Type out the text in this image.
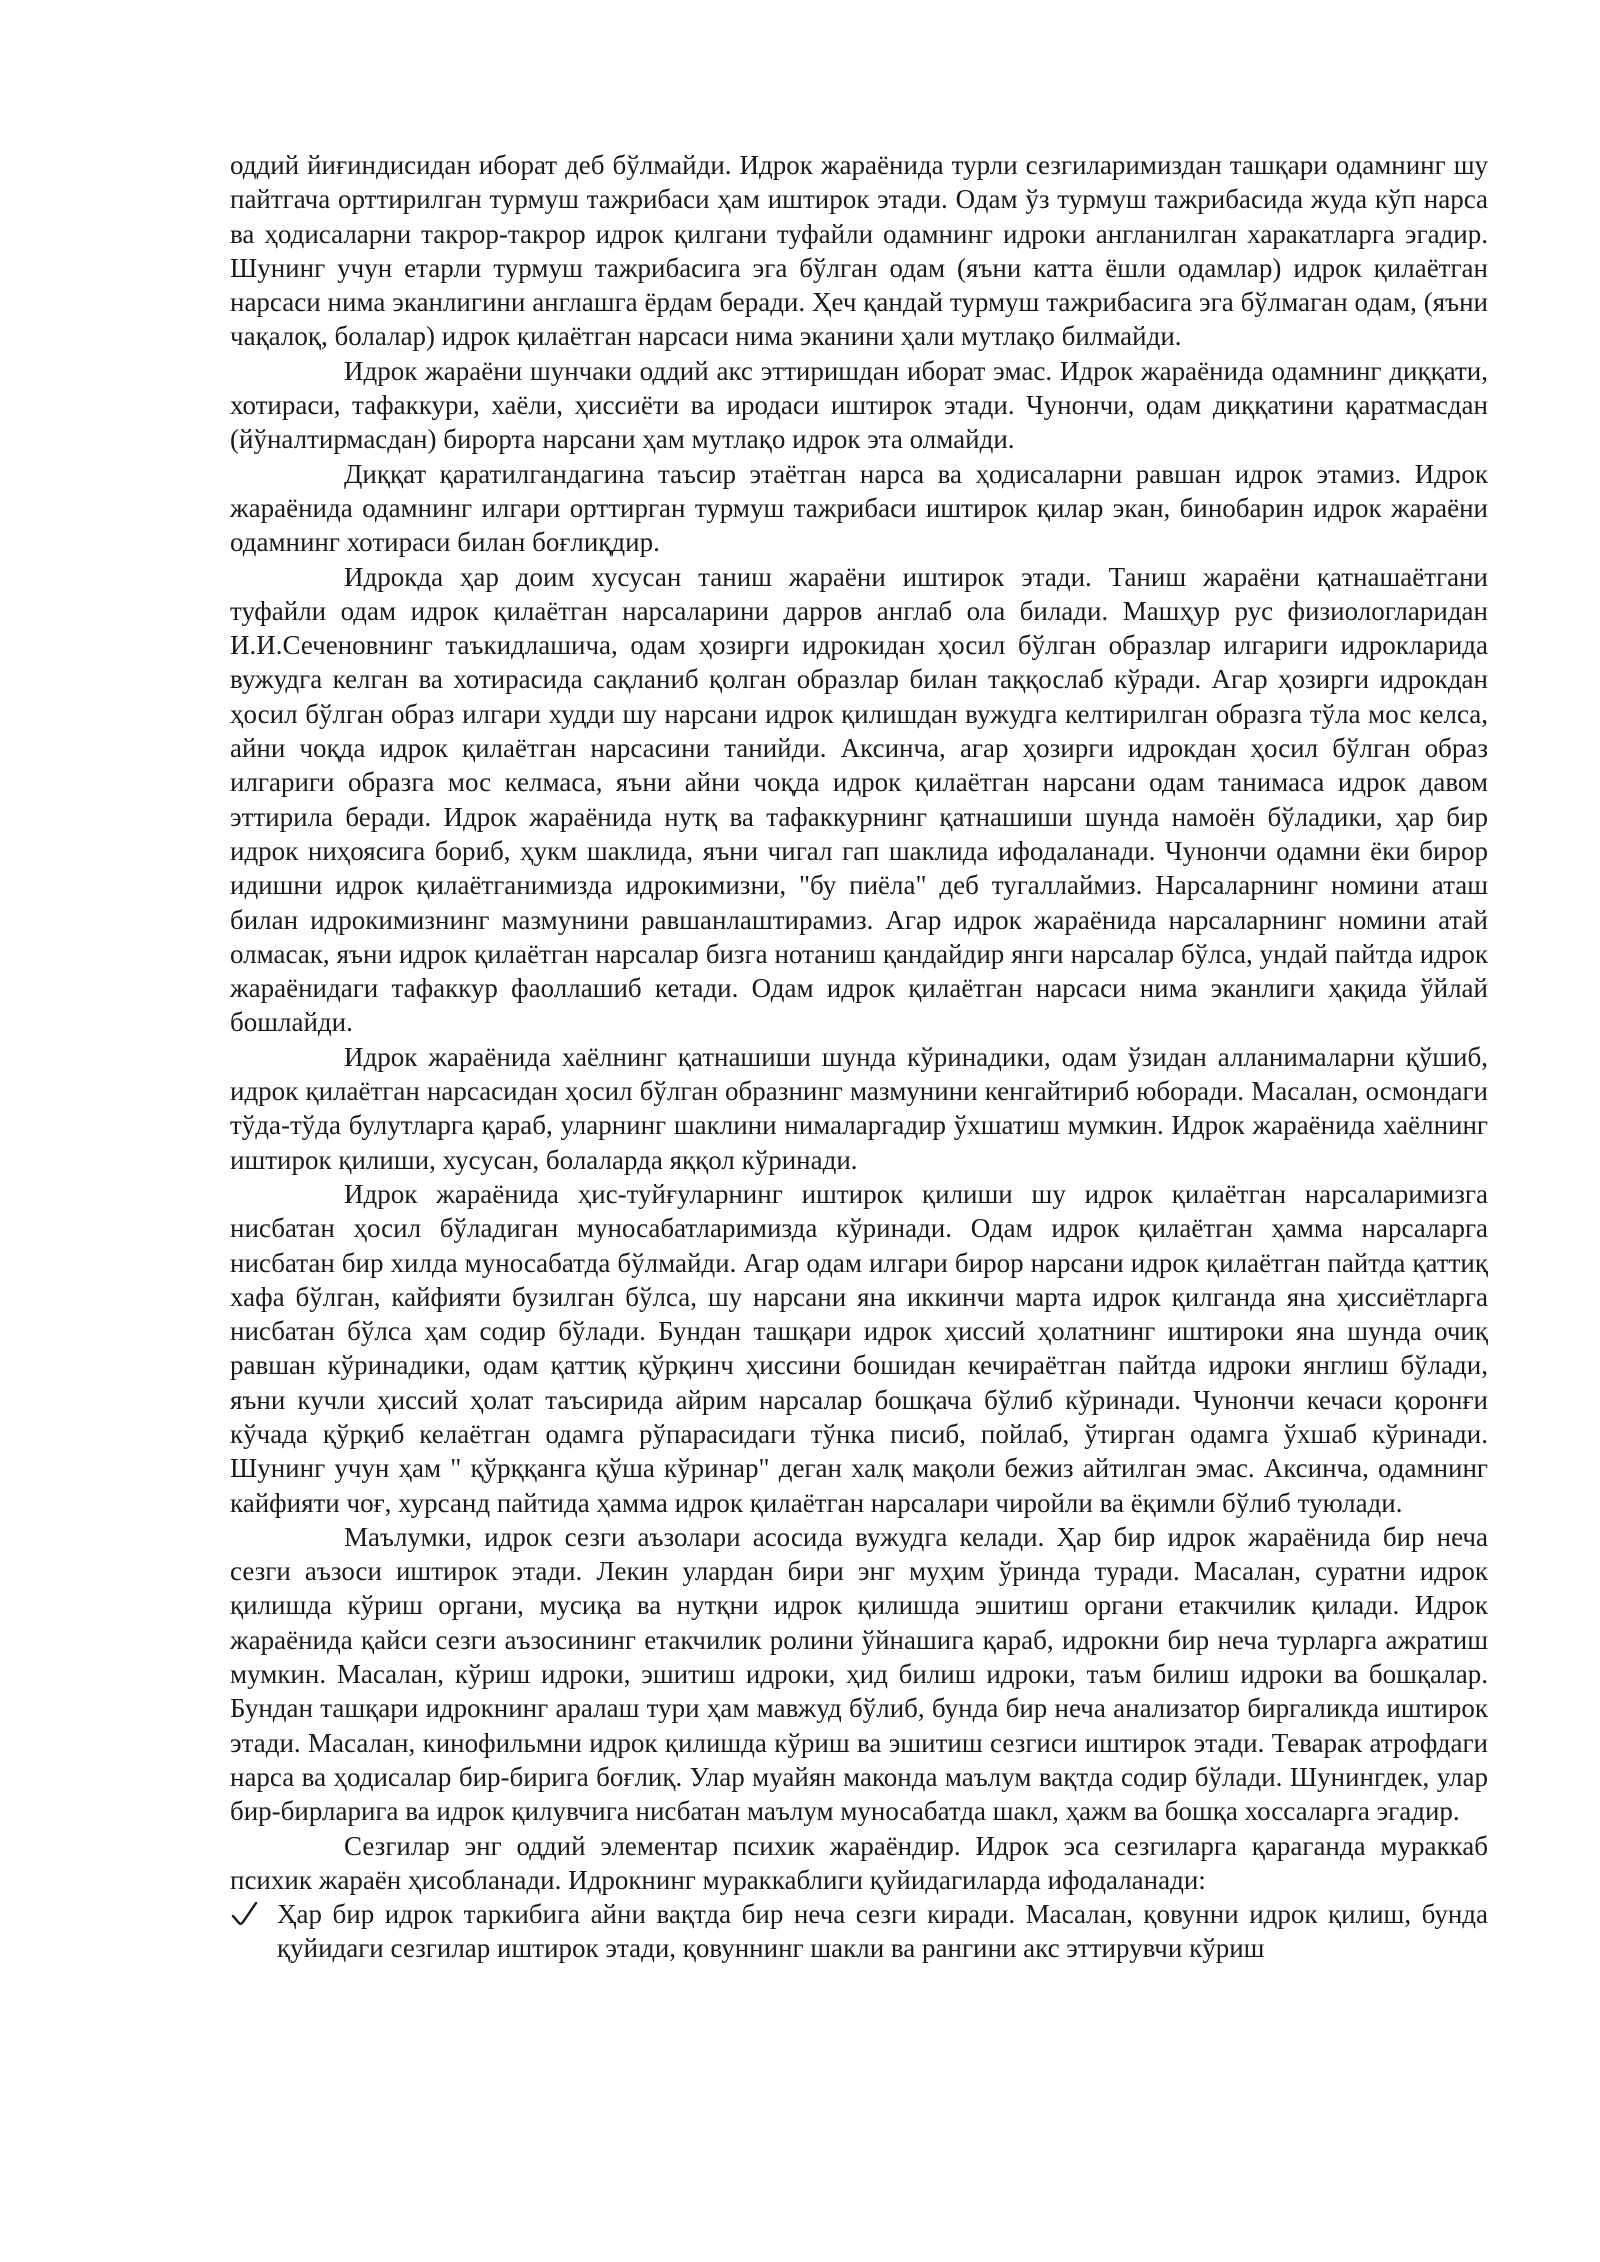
оддий йиғиндисидан иборат деб бўлмайди. Идрок жараёнида турли сезгиларимиздан ташқари одамнинг шу пайтгача орттирилган турмуш тажрибаси ҳам иштирок этади. Одам ўз турмуш тажрибасида жуда кўп нарса ва ҳодисаларни такрор-такрор идрок қилгани туфайли одамнинг идроки англанилган харакатларга эгадир. Шунинг учун етарли турмуш тажрибасига эга бўлган одам (яъни катта ёшли одамлар) идрок қилаётган нарсаси нима эканлигини англашга ёрдам беради. Ҳеч қандай турмуш тажрибасига эга бўлмаган одам, (яъни чақалоқ, болалар) идрок қилаётган нарсаси нима эканини ҳали мутлақо билмайди.

Идрок жараёни шунчаки оддий акс эттиришдан иборат эмас. Идрок жараёнида одамнинг диққати, хотираси, тафаккури, хаёли, ҳиссиёти ва иродаси иштирок этади. Чунончи, одам диққатини қаратмасдан (йўналтирмасдан) бирорта нарсани ҳам мутлақо идрок эта олмайди.

Диққат қаратилгандагина таъсир этаётган нарса ва ҳодисаларни равшан идрок этамиз. Идрок жараёнида одамнинг илгари орттирган турмуш тажрибаси иштирок қилар экан, бинобарин идрок жараёни одамнинг хотираси билан боғлиқдир.

Идрокда ҳар доим хусусан таниш жараёни иштирок этади. Таниш жараёни қатнашаётгани туфайли одам идрок қилаётган нарсаларини дарров англаб ола билади. Машҳур рус физиологларидан И.И.Сеченовнинг таъкидлашича, одам ҳозирги идрокидан ҳосил бўлган образлар илгариги идрокларида вужудга келган ва хотирасида сақланиб қолган образлар билан таққослаб кўради. Агар ҳозирги идрокдан ҳосил бўлган образ илгари худди шу нарсани идрок қилишдан вужудга келтирилган образга тўла мос келса, айни чоқда идрок қилаётган нарсасини танийди. Аксинча, агар ҳозирги идрокдан ҳосил бўлган образ илгариги образга мос келмаса, яъни айни чоқда идрок қилаётган нарсани одам танимаса идрок давом эттирила беради. Идрок жараёнида нутқ ва тафаккурнинг қатнашиши шунда намоён бўладики, ҳар бир идрок ниҳоясига бориб, ҳукм шаклида, яъни чигал гап шаклида ифодаланади. Чунончи одамни ёки бирор идишни идрок қилаётганимизда идрокимизни, "бу пиёла" деб тугаллаймиз. Нарсаларнинг номини аташ билан идрокимизнинг мазмунини равшанлаштирамиз. Агар идрок жараёнида нарсаларнинг номини атай олмасак, яъни идрок қилаётган нарсалар бизга нотаниш қандайдир янги нарсалар бўлса, ундай пайтда идрок жараёнидаги тафаккур фаоллашиб кетади. Одам идрок қилаётган нарсаси нима эканлиги ҳақида ўйлай бошлайди.

Идрок жараёнида хаёлнинг қатнашиши шунда кўринадики, одам ўзидан алланималарни қўшиб, идрок қилаётган нарсасидан ҳосил бўлган образнинг мазмунини кенгайтириб юборади. Масалан, осмондаги тўда-тўда булутларга қараб, уларнинг шаклини нималаргадир ўхшатиш мумкин. Идрок жараёнида хаёлнинг иштирок қилиши, хусусан, болаларда яққол кўринади.

Идрок жараёнида ҳис-туйғуларнинг иштирок қилиши шу идрок қилаётган нарсаларимизга нисбатан ҳосил бўладиган муносабатларимизда кўринади. Одам идрок қилаётган ҳамма нарсаларга нисбатан бир хилда муносабатда бўлмайди. Агар одам илгари бирор нарсани идрок қилаётган пайтда қаттиқ хафа бўлган, кайфияти бузилган бўлса, шу нарсани яна иккинчи марта идрок қилганда яна ҳиссиётларга нисбатан бўлса ҳам содир бўлади. Бундан ташқари идрок ҳиссий ҳолатнинг иштироки яна шунда очиқ равшан кўринадики, одам қаттиқ қўрқинч ҳиссини бошидан кечираётган пайтда идроки янглиш бўлади, яъни кучли ҳиссий ҳолат таъсирида айрим нарсалар бошқача бўлиб кўринади. Чунончи кечаси қоронғи кўчада қўрқиб келаётган одамга рўпарасидаги тўнка писиб, пойлаб, ўтирган одамга ўхшаб кўринади. Шунинг учун ҳам " қўрққанга қўша кўринар" деган халқ мақоли бежиз айтилган эмас. Аксинча, одамнинг кайфияти чоғ, хурсанд пайтида ҳамма идрок қилаётган нарсалари чиройли ва ёқимли бўлиб туюлади.

Маълумки, идрок сезги аъзолари асосида вужудга келади. Ҳар бир идрок жараёнида бир неча сезги аъзоси иштирок этади. Лекин улардан бири энг муҳим ўринда туради. Масалан, суратни идрок қилишда кўриш органи, мусиқа ва нутқни идрок қилишда эшитиш органи етакчилик қилади. Идрок жараёнида қайси сезги аъзосининг етакчилик ролини ўйнашига қараб, идрокни бир неча турларга ажратиш мумкин. Масалан, кўриш идроки, эшитиш идроки, ҳид билиш идроки, таъм билиш идроки ва бошқалар. Бундан ташқари идрокнинг аралаш тури ҳам мавжуд бўлиб, бунда бир неча анализатор биргаликда иштирок этади. Масалан, кинофильмни идрок қилишда кўриш ва эшитиш сезгиси иштирок этади. Теварак атрофдаги нарса ва ҳодисалар бир-бирига боғлиқ. Улар муайян маконда маълум вақтда содир бўлади. Шунингдек, улар бир-бирларига ва идрок қилувчига нисбатан маълум муносабатда шакл, ҳажм ва бошқа хоссаларга эгадир.

Сезгилар энг оддий элементар психик жараёндир. Идрок эса сезгиларга қараганда мураккаб психик жараён ҳисобланади. Идрокнинг мураккаблиги қуйидагиларда ифодаланади:

Ҳар бир идрок таркибига айни вақтда бир неча сезги киради. Масалан, қовунни идрок қилиш, бунда қуйидаги сезгилар иштирок этади, қовуннинг шакли ва рангини акс эттирувчи кўриш
